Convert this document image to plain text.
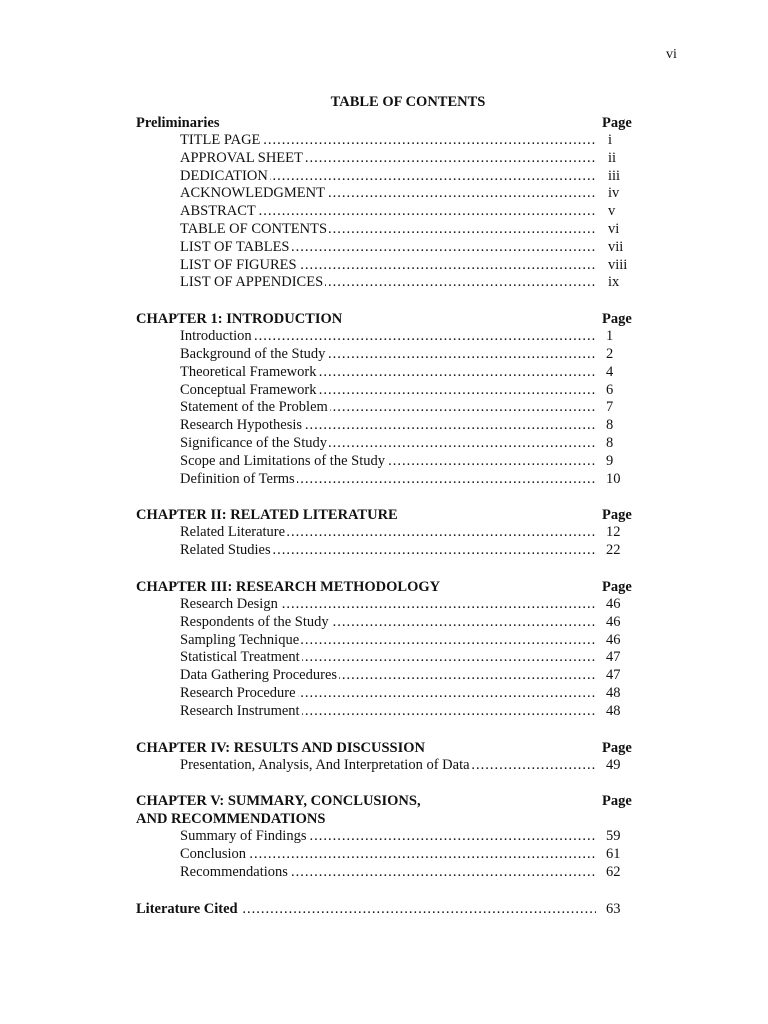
vi
TABLE OF CONTENTS
Preliminaries	Page
TITLE PAGE .....	i
APPROVAL SHEET .....	ii
DEDICATION .....	iii
ACKNOWLEDGMENT .....	iv
ABSTRACT .....	v
TABLE OF CONTENTS .....	vi
LIST OF TABLES .....	vii
LIST OF FIGURES .....	viii
LIST OF APPENDICES .....	ix
CHAPTER 1: INTRODUCTION	Page
Introduction .....	1
Background of the Study .....	2
Theoretical Framework .....	4
Conceptual Framework .....	6
Statement of the Problem .....	7
Research Hypothesis .....	8
Significance of the Study .....	8
Scope and Limitations of the Study .....	9
Definition of Terms .....	10
CHAPTER II: RELATED LITERATURE	Page
Related Literature .....	12
Related Studies .....	22
CHAPTER III: RESEARCH METHODOLOGY	Page
Research Design .....	46
Respondents of the Study .....	46
Sampling Technique .....	46
Statistical Treatment .....	47
Data Gathering Procedures .....	47
Research Procedure .....	48
Research Instrument .....	48
CHAPTER IV: RESULTS AND DISCUSSION	Page
Presentation, Analysis, And Interpretation of Data .....	49
CHAPTER V: SUMMARY, CONCLUSIONS,	Page
AND RECOMMENDATIONS
Summary of Findings .....	59
Conclusion .....	61
Recommendations .....	62
Literature Cited .....	63
